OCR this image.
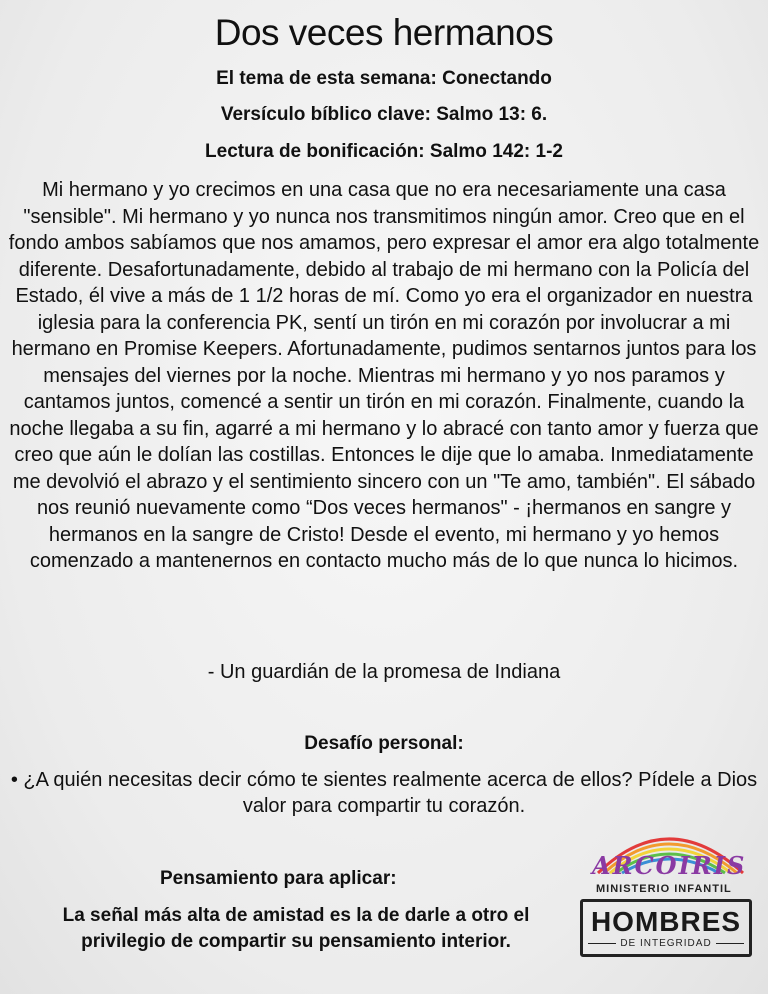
Dos veces hermanos
El tema de esta semana: Conectando
Versículo bíblico clave: Salmo 13: 6.
Lectura de bonificación: Salmo 142: 1-2
Mi hermano y yo crecimos en una casa que no era necesariamente una casa "sensible". Mi hermano y yo nunca nos transmitimos ningún amor. Creo que en el fondo ambos sabíamos que nos amamos, pero expresar el amor era algo totalmente diferente. Desafortunadamente, debido al trabajo de mi hermano con la Policía del Estado, él vive a más de 1 1/2 horas de mí. Como yo era el organizador en nuestra iglesia para la conferencia PK, sentí un tirón en mi corazón por involucrar a mi hermano en Promise Keepers. Afortunadamente, pudimos sentarnos juntos para los mensajes del viernes por la noche. Mientras mi hermano y yo nos paramos y cantamos juntos, comencé a sentir un tirón en mi corazón. Finalmente, cuando la noche llegaba a su fin, agarré a mi hermano y lo abracé con tanto amor y fuerza que creo que aún le dolían las costillas. Entonces le dije que lo amaba. Inmediatamente me devolvió el abrazo y el sentimiento sincero con un "Te amo, también". El sábado nos reunió nuevamente como “Dos veces hermanos" - ¡hermanos en sangre y hermanos en la sangre de Cristo! Desde el evento, mi hermano y yo hemos comenzado a mantenernos en contacto mucho más de lo que nunca lo hicimos.
- Un guardián de la promesa de Indiana
Desafío personal:
• ¿A quién necesitas decir cómo te sientes realmente acerca de ellos? Pídele a Dios valor para compartir tu corazón.
Pensamiento para aplicar:
La señal más alta de amistad es la de darle a otro el privilegio de compartir su pensamiento interior.
ARCOIRIS
MINISTERIO INFANTIL
HOMBRES
DE INTEGRIDAD
